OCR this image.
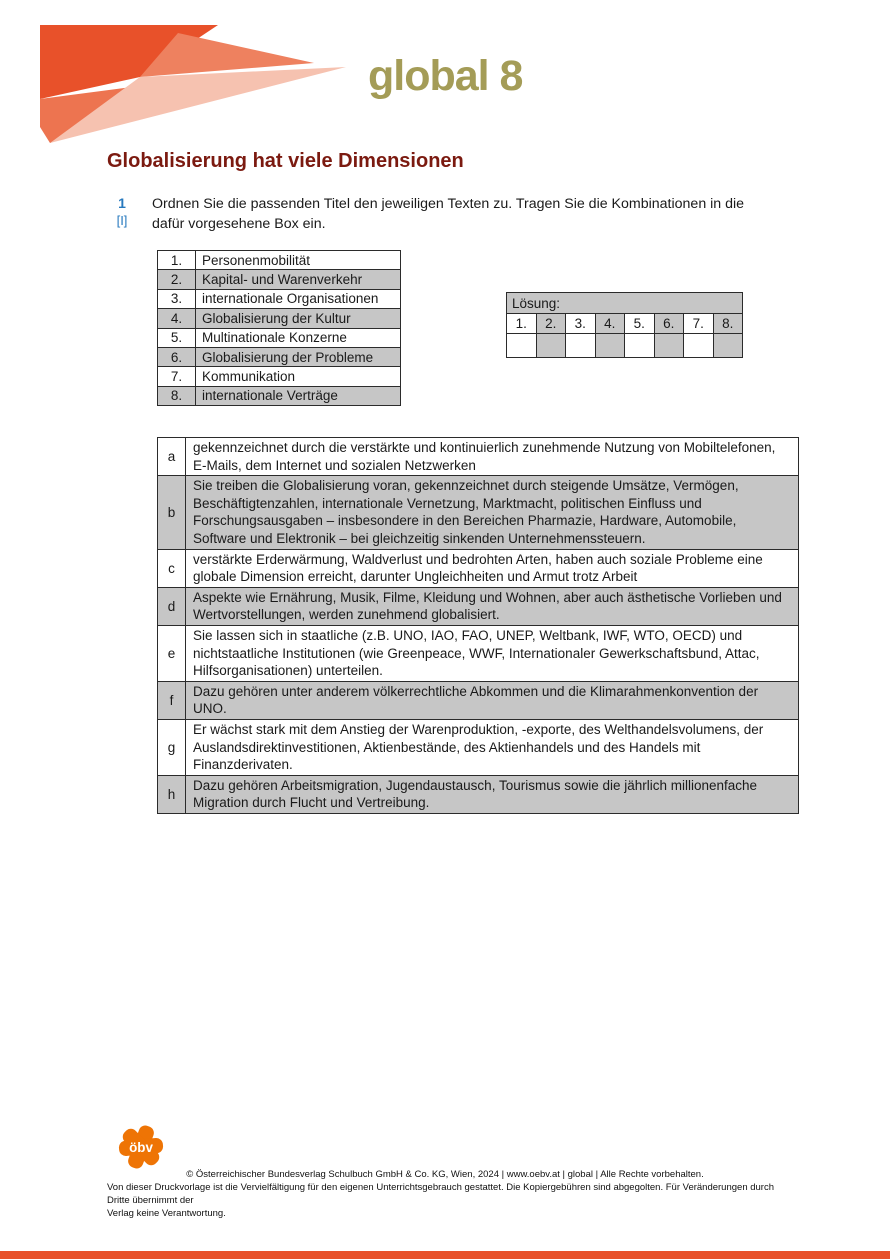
global 8
Globalisierung hat viele Dimensionen
1
[I]
Ordnen Sie die passenden Titel den jeweiligen Texten zu. Tragen Sie die Kombinationen in die dafür vorgesehene Box ein.
1.	Personenmobilität
2.	Kapital- und Warenverkehr
3.	internationale Organisationen
4.	Globalisierung der Kultur
5.	Multinationale Konzerne
6.	Globalisierung der Probleme
7.	Kommunikation
8.	internationale Verträge
Lösung:							
1.	2.	3.	4.	5.	6.	7.	8.

a	gekennzeichnet durch die verstärkte und kontinuierlich zunehmende Nutzung von Mobiltelefonen, E-Mails, dem Internet und sozialen Netzwerken
b	Sie treiben die Globalisierung voran, gekennzeichnet durch steigende Umsätze, Vermögen, Beschäftigtenzahlen, internationale Vernetzung, Marktmacht, politischen Einfluss und Forschungsausgaben – insbesondere in den Bereichen Pharmazie, Hardware, Automobile, Software und Elektronik – bei gleichzeitig sinkenden Unternehmenssteuern.
c	verstärkte Erderwärmung, Waldverlust und bedrohten Arten, haben auch soziale Probleme eine globale Dimension erreicht, darunter Ungleichheiten und Armut trotz Arbeit
d	Aspekte wie Ernährung, Musik, Filme, Kleidung und Wohnen, aber auch ästhetische Vorlieben und Wertvorstellungen, werden zunehmend globalisiert.
e	Sie lassen sich in staatliche (z.B. UNO, IAO, FAO, UNEP, Weltbank, IWF, WTO, OECD) und nichtstaatliche Institutionen (wie Greenpeace, WWF, Internationaler Gewerkschaftsbund, Attac, Hilfsorganisationen) unterteilen.
f	Dazu gehören unter anderem völkerrechtliche Abkommen und die Klimarahmenkonvention der UNO.
g	Er wächst stark mit dem Anstieg der Warenproduktion, -exporte, des Welthandelsvolumens, der Auslandsdirektinvestitionen, Aktienbestände, des Aktienhandels und des Handels mit Finanzderivaten.
h	Dazu gehören Arbeitsmigration, Jugendaustausch, Tourismus sowie die jährlich millionenfache Migration durch Flucht und Vertreibung.
öbv
© Österreichischer Bundesverlag Schulbuch GmbH & Co. KG, Wien, 2024 | www.oebv.at | global | Alle Rechte vorbehalten.
Von dieser Druckvorlage ist die Vervielfältigung für den eigenen Unterrichtsgebrauch gestattet. Die Kopiergebühren sind abgegolten. Für Veränderungen durch Dritte übernimmt der
Verlag keine Verantwortung.
